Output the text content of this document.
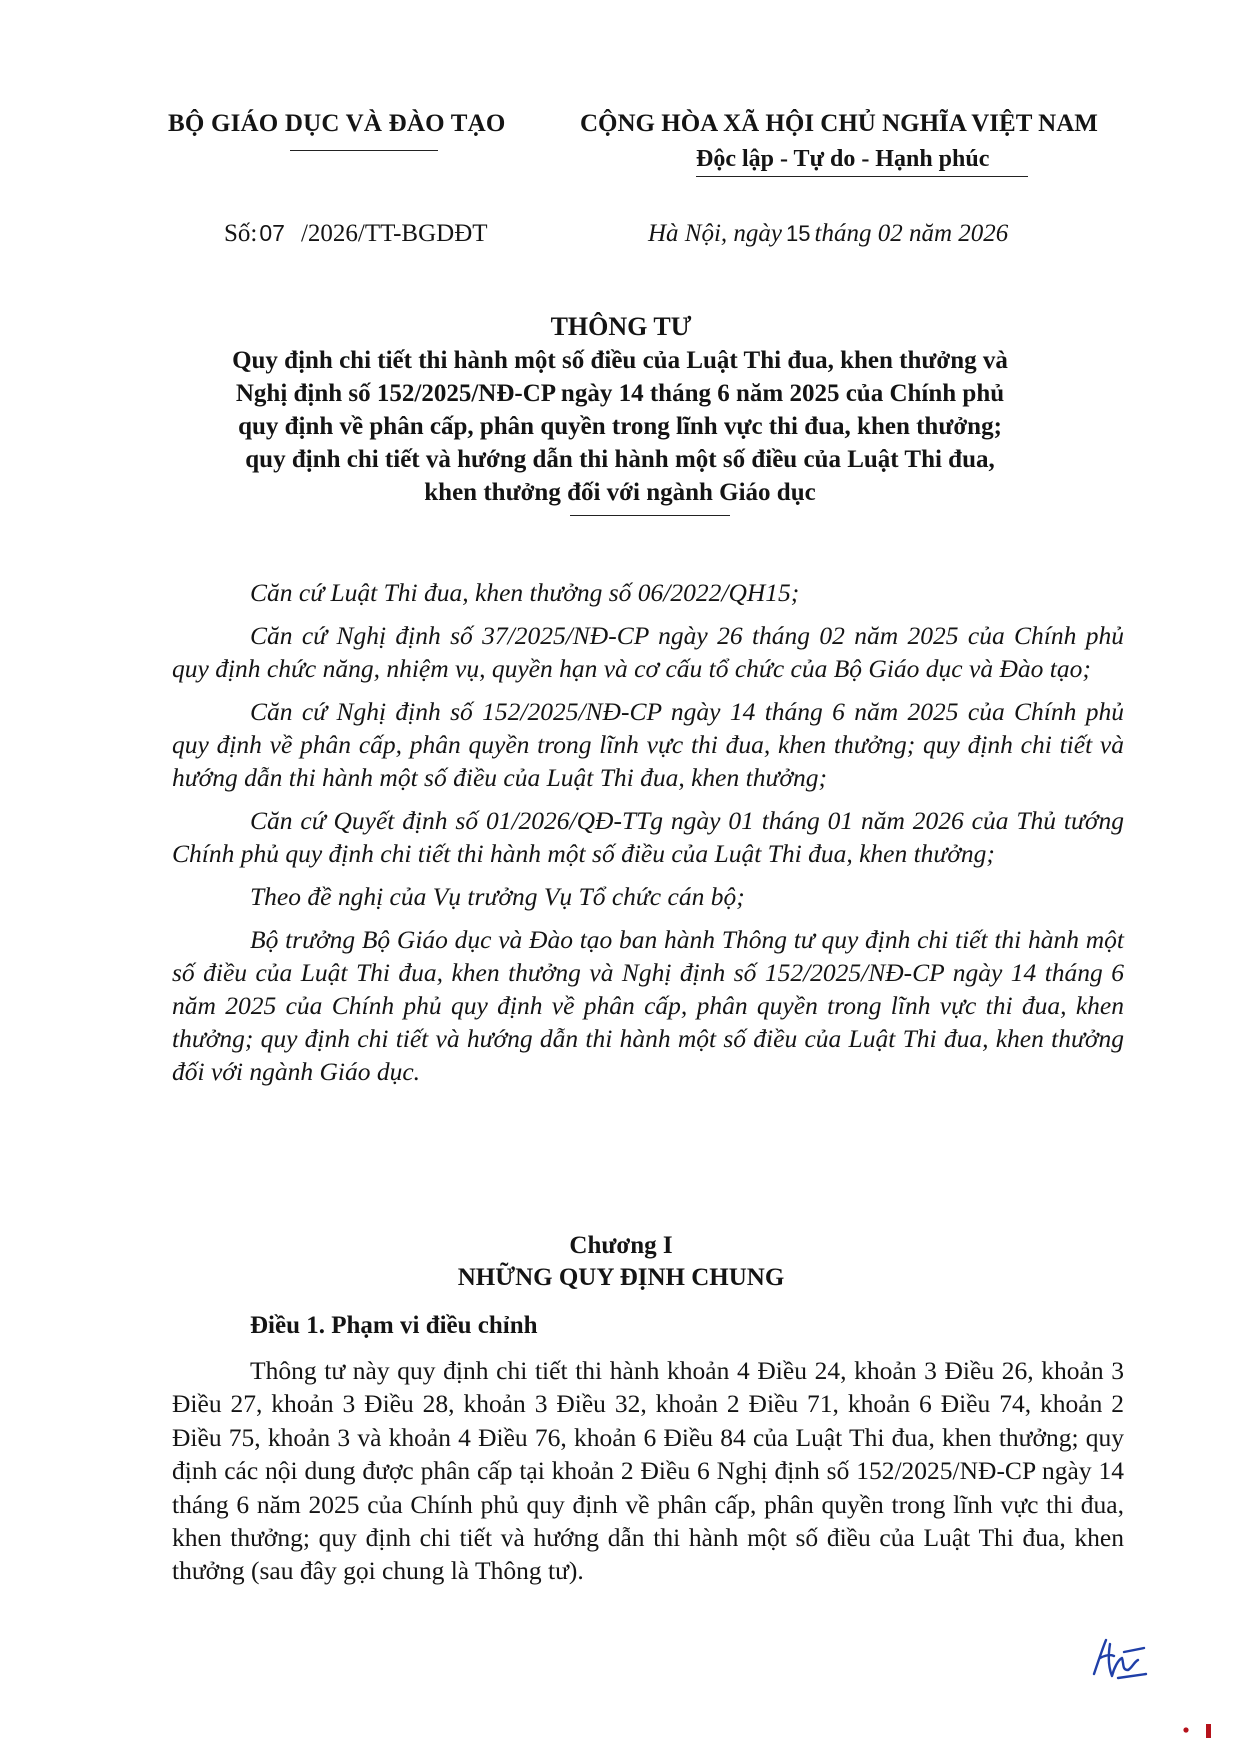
BỘ GIÁO DỤC VÀ ĐÀO TẠO	CỘNG HÒA XÃ HỘI CHỦ NGHĨA VIỆT NAM
Độc lập - Tự do - Hạnh phúc
Số:07 /2026/TT-BGDĐT	Hà Nội, ngày 15 tháng 02 năm 2026
THÔNG TƯ
Quy định chi tiết thi hành một số điều của Luật Thi đua, khen thưởng và
Nghị định số 152/2025/NĐ-CP ngày 14 tháng 6 năm 2025 của Chính phủ
quy định về phân cấp, phân quyền trong lĩnh vực thi đua, khen thưởng;
quy định chi tiết và hướng dẫn thi hành một số điều của Luật Thi đua,
khen thưởng đối với ngành Giáo dục

Căn cứ Luật Thi đua, khen thưởng số 06/2022/QH15;

Căn cứ Nghị định số 37/2025/NĐ-CP ngày 26 tháng 02 năm 2025 của Chính phủ quy định chức năng, nhiệm vụ, quyền hạn và cơ cấu tổ chức của Bộ Giáo dục và Đào tạo;

Căn cứ Nghị định số 152/2025/NĐ-CP ngày 14 tháng 6 năm 2025 của Chính phủ quy định về phân cấp, phân quyền trong lĩnh vực thi đua, khen thưởng; quy định chi tiết và hướng dẫn thi hành một số điều của Luật Thi đua, khen thưởng;

Căn cứ Quyết định số 01/2026/QĐ-TTg ngày 01 tháng 01 năm 2026 của Thủ tướng Chính phủ quy định chi tiết thi hành một số điều của Luật Thi đua, khen thưởng;

Theo đề nghị của Vụ trưởng Vụ Tổ chức cán bộ;

Bộ trưởng Bộ Giáo dục và Đào tạo ban hành Thông tư quy định chi tiết thi hành một số điều của Luật Thi đua, khen thưởng và Nghị định số 152/2025/NĐ-CP ngày 14 tháng 6 năm 2025 của Chính phủ quy định về phân cấp, phân quyền trong lĩnh vực thi đua, khen thưởng; quy định chi tiết và hướng dẫn thi hành một số điều của Luật Thi đua, khen thưởng đối với ngành Giáo dục.

Chương I
NHỮNG QUY ĐỊNH CHUNG
Điều 1. Phạm vi điều chỉnh

Thông tư này quy định chi tiết thi hành khoản 4 Điều 24, khoản 3 Điều 26, khoản 3 Điều 27, khoản 3 Điều 28, khoản 3 Điều 32, khoản 2 Điều 71, khoản 6 Điều 74, khoản 2 Điều 75, khoản 3 và khoản 4 Điều 76, khoản 6 Điều 84 của Luật Thi đua, khen thưởng; quy định các nội dung được phân cấp tại khoản 2 Điều 6 Nghị định số 152/2025/NĐ-CP ngày 14 tháng 6 năm 2025 của Chính phủ quy định về phân cấp, phân quyền trong lĩnh vực thi đua, khen thưởng; quy định chi tiết và hướng dẫn thi hành một số điều của Luật Thi đua, khen thưởng (sau đây gọi chung là Thông tư).
